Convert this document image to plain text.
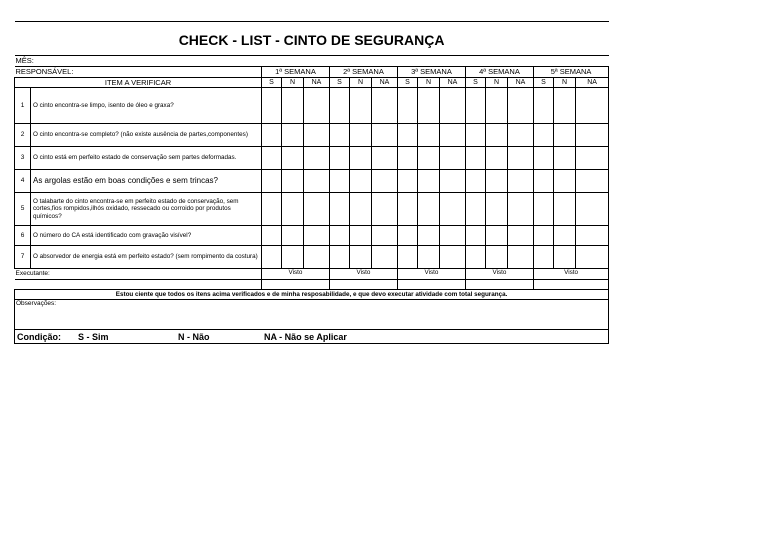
CHECK - LIST - CINTO DE SEGURANÇA																
MÊS:																
RESPONSÁVEL:		1ª SEMANA			2ª SEMANA			3ª SEMANA			4ª SEMANA			5ª SEMANA		
ITEM A VERIFICAR		S	N	NA	S	N	NA	S	N	NA	S	N	NA	S	N	NA
1	O cinto encontra-se limpo, isento de óleo e graxa?															
2	O cinto encontra-se completo? (não existe ausência de partes,componentes)															
3	O cinto está em perfeito estado de conservação sem partes deformadas.															
4	As argolas estão em boas condições e sem trincas?															
5	O talabarte do cinto encontra-se em perfeito estado de conservação, sem cortes,fios rompidos,ilhós oxidado, ressecado ou corroido por produtos químicos?															
6	O número do CA está identificado com gravação visível?															
7	O absorvedor de energia está em perfeito estado? (sem rompimento da costura)															
Executante:		Visto			Visto			Visto			Visto			Visto		

Estou ciente que todos os itens acima verificados e de minha resposabilidade, e que devo executar atividade com total segurança.																
Observações:																
Condição: S - Sim N - Não NA - Não se Aplicar																
